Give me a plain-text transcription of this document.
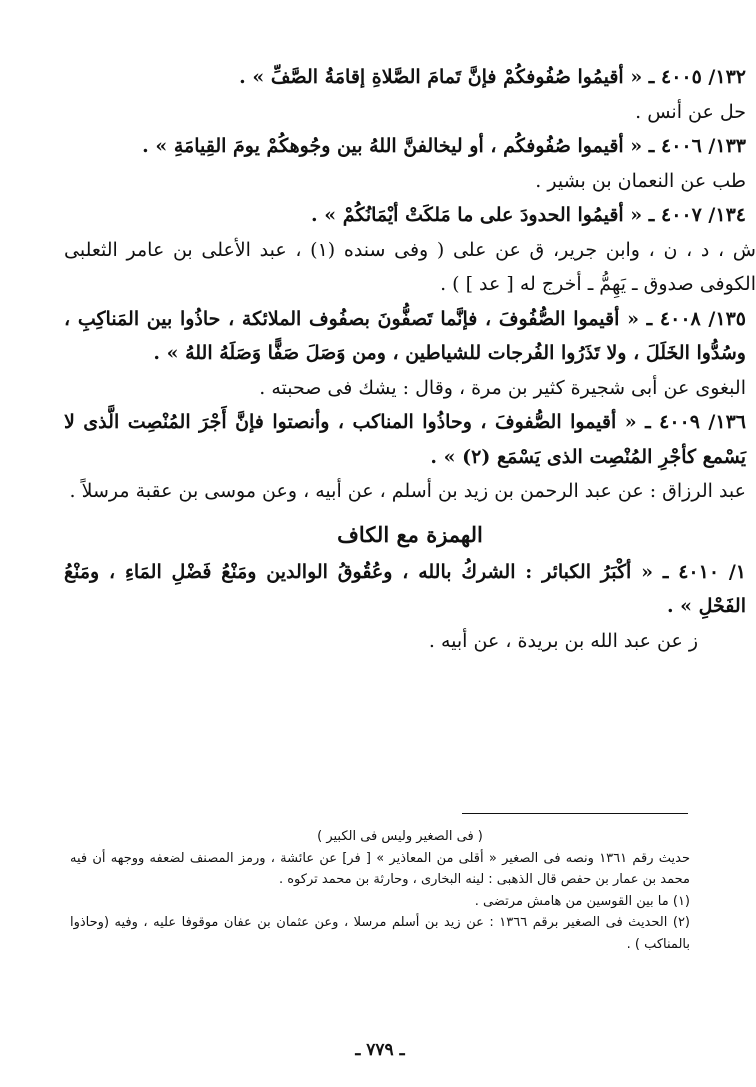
١٣٢/ ٤٠٠٥ ـ « أقيمُوا صُفُوفكُمْ فإنَّ تَمامَ الصَّلاةِ إقامَةُ الصَّفِّ » .

حل عن أنس .

١٣٣/ ٤٠٠٦ ـ « أقيموا صُفُوفكُم ، أو ليخالفنَّ اللهُ بين وجُوهكُمْ يومَ القِيامَةِ » .

طب عن النعمان بن بشير .

١٣٤/ ٤٠٠٧ ـ « أقيمُوا الحدودَ على ما مَلكَتْ أيْمَانُكُمْ » .

ش ، د ، ن ، وابن جرير، ق عن على ( وفى سنده (١) ، عبد الأعلى بن عامر الثعلبى الكوفى صدوق ـ يَهِمُّ ـ أخرج له [ عد ] ) .

١٣٥/ ٤٠٠٨ ـ « أقيموا الصُّفُوفَ ، فإنَّما تَصفُّونَ بصفُوف الملائكة ، حاذُوا بين المَناكِبِ ، وسُدُّوا الخَلَلَ ، ولا تَذَرُوا الفُرجات للشياطين ، ومن وَصَلَ صَفًّا وَصَلَهُ اللهُ » .

البغوى عن أبى شجيرة كثير بن مرة ، وقال : يشك فى صحبته .

١٣٦/ ٤٠٠٩ ـ « أقيموا الصُّفوفَ ، وحاذُوا المناكب ، وأنصتوا فإنَّ أَجْرَ المُنْصِت الَّذى لا يَسْمع كأجْرِ المُنْصِت الذى يَسْمَع (٢) » .

عبد الرزاق : عن عبد الرحمن بن زيد بن أسلم ، عن أبيه ، وعن موسى بن عقبة مرسلاً .

الهمزة مع الكاف

١/ ٤٠١٠ ـ « أكْبَرُ الكبائر : الشركُ بالله ، وعُقُوقُ الوالدين ومَنْعُ فَضْلِ المَاءِ ، ومَنْعُ الفَحْلِ » .

ز عن عبد الله بن بريدة ، عن أبيه .

( فى الصغير وليس فى الكبير )

حديث رقم ١٣٦١ ونصه فى الصغير « أقلى من المعاذير » [ فر] عن عائشة ، ورمز المصنف لضعفه ووجهه أن فيه محمد بن عمار بن حفص قال الذهبى : لينه البخارى ، وحارثة بن محمد تركوه .

(١) ما بين القوسين من هامش مرتضى .

(٢) الحديث فى الصغير برقم ١٣٦٦ : عن زيد بن أسلم مرسلا ، وعن عثمان بن عفان موقوفا عليه ، وفيه (وحاذوا بالمناكب ) .

ـ ٧٧٩ ـ
